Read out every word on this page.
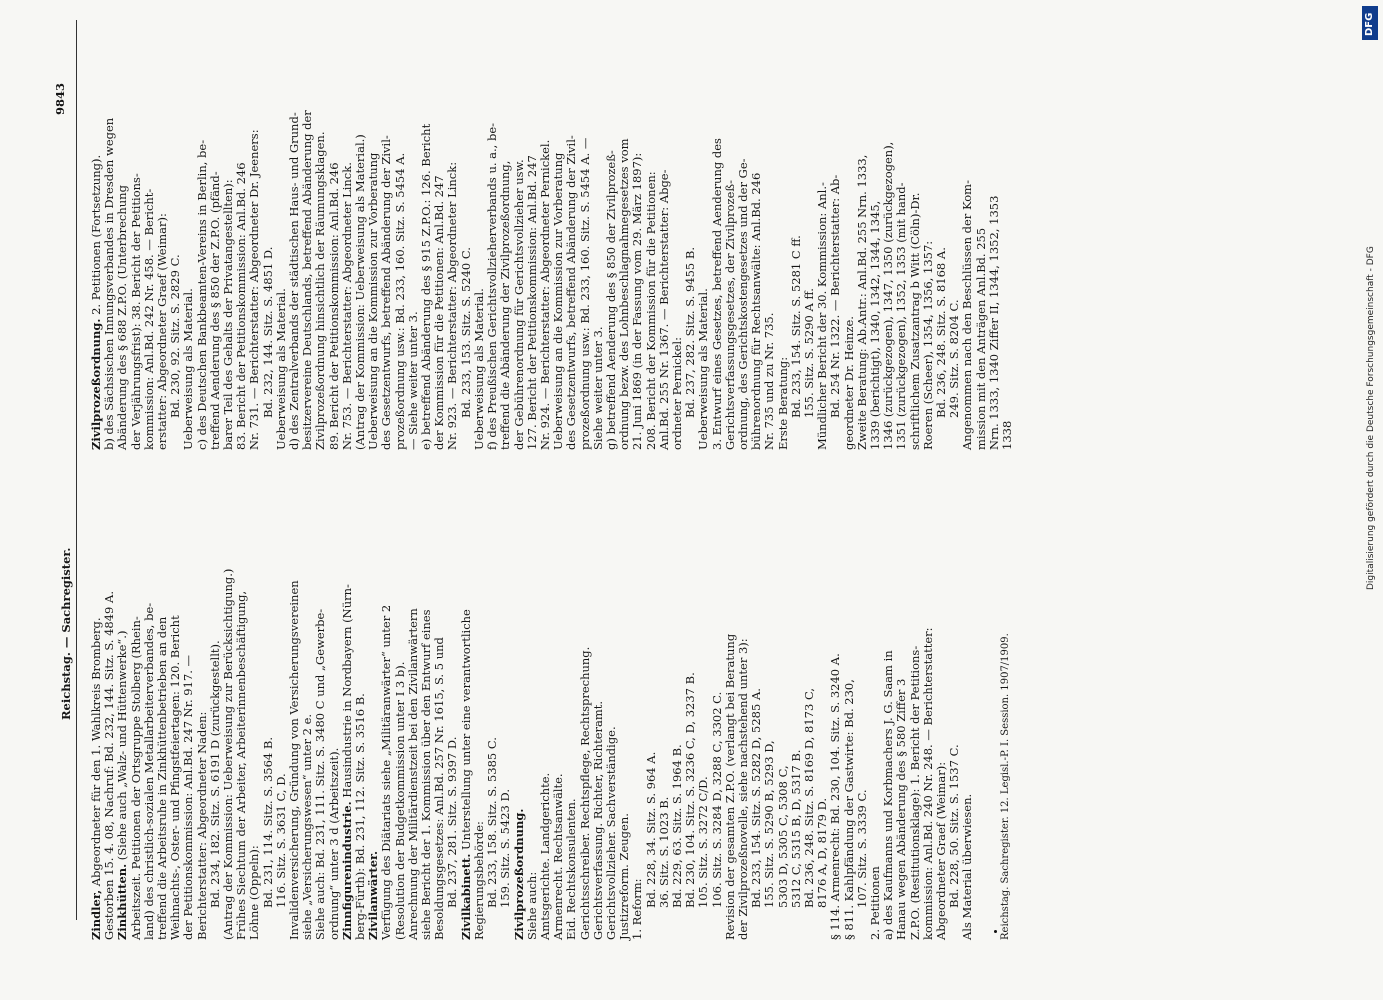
Reichstag. — Sachregister.
9843
Zindler, Abgeordneter für den 1. Wahlkreis Bromberg. Gestorben 15. 4. 08, Nachruf: Bd. 232, 144. Sitz. S. 4849 A. Zinkhütten. (Siehe auch „Walz- und Hüttenwerke“.) Arbeitszeit. Petitionen der Ortsgruppe Stolberg (Rhein- land) des christlich-sozialen Metallarbeiterverbandes, be- treffend die Arbeitsruhe in Zinkhüttenbetrieben an den Weihnachts-, Oster- und Pfingstfeiertagen: 120. Bericht der Petitionskommission: Anl.Bd. 247 Nr. 917. — Berichterstatter: Abgeordneter Naden: Bd. 234, 182. Sitz. S. 6191 D (zurückgestellt). (Antrag der Kommission: Ueberweisung zur Berücksichtigung.) Frühes Siechtum der Arbeiter, Arbeiterinnenbeschäftigung, Löhne (Oppeln): Bd. 231, 114. Sitz. S. 3564 B. 116. Sitz. S. 3631 C, D. Invalidenversicherung, Gründung von Versicherungsvereinen siehe „Versicherungswesen“ unter 2 e. Siehe auch: Bd. 231, 111. Sitz. S. 3480 C und „Gewerbe- ordnung“ unter 3 d (Arbeitszeit). Zinnfigurenindustrie. Hausindustrie in Nordbayern (Nürn-
berg-Fürth): Bd. 231, 112. Sitz. S. 3516 B. Zivilanwärter. Verfügung des Diätariats siehe „Militäranwärter“ unter 2 (Resolution der Budgetkommission unter I 3 b). Anrechnung der Militärdienstzeit bei den Zivilanwärtern siehe Bericht der 1. Kommission über den Entwurf eines Besoldungsgesetzes: Anl.Bd. 257 Nr. 1615, S. 5 und Bd. 237, 281. Sitz. S. 9397 D. Zivilkabinett. Unterstellung unter eine verantwortliche
Regierungsbehörde: Bd. 233, 158. Sitz. S. 5385 C. 159. Sitz. S. 5423 D. Zivilprozeßordnung. Siehe auch: Amtsgerichte. Landgerichte. Armenrecht. Rechtsanwälte. Eid. Rechtskonsulenten. Gerichtsschreiber. Rechtspflege, Rechtsprechung. Gerichtsverfassung. Richter, Richteramt. Gerichtsvollzieher. Sachverständige. Justizreform. Zeugen. 1. Reform:
Bd. 228, 34. Sitz. S. 964 A. 36. Sitz. S. 1023 B. Bd. 229, 63. Sitz. S. 1964 B. Bd. 230, 104. Sitz. S. 3236 C, D, 3237 B. 105. Sitz. S. 3272 C/D. 106. Sitz. S. 3284 D, 3288 C, 3302 C. Revision der gesamten Z.P.O. (verlangt bei Beratung der Zivilprozeßnovelle, siehe nachstehend unter 3): Bd. 233, 154. Sitz. S. 5282 D, 5285 A. 155. Sitz. S. 5290 B, 5293 D, 5303 D, 5305 C, 5308 C, 5312 C, 5315 B, D, 5317 B. Bd. 236, 248. Sitz. S. 8169 D, 8173 C, 8176 A, D, 8179 D. § 114. Armenrecht: Bd. 230, 104. Sitz. S. 3240 A. § 811. Kahlpfändung der Gastwirte: Bd. 230, 107. Sitz. S. 3339 C. 2. Petitionen a) des Kaufmanns und Korbmachers J. G. Saam in Hanau wegen Abänderung des § 580 Ziffer 3 Z.P.O. (Restitutionsklage): 1. Bericht der Petitions- kommission: Anl.Bd. 240 Nr. 248. — Berichterstatter: Abgeordneter Graef (Weimar): Bd. 228, 50. Sitz. S. 1537 C. Als Material überwiesen.	Reichstag. Sachregister. 12. Legisl.-P. I. Session. 1907/1909.
Zivilprozeßordnung. 2. Petitionen (Fortsetzung). b) des Sächsischen Innungsverbandes in Dresden wegen Abänderung des § 688 Z.P.O. (Unterbrechung der Verjährungsfrist): 38. Bericht der Petitions- kommission: Anl.Bd. 242 Nr. 458. — Bericht- erstatter: Abgeordneter Graef (Weimar): Bd. 230, 92. Sitz. S. 2829 C. Ueberweisung als Material. c) des Deutschen Bankbeamten-Vereins in Berlin, be- treffend Aenderung des § 850 der Z.P.O. (pfänd- barer Teil des Gehalts der Privatangestellten): 83. Bericht der Petitionskommission: Anl.Bd. 246 Nr. 731. — Berichterstatter: Abgeordneter Dr. Jeeners: Bd. 232, 144. Sitz. S. 4851 D. Ueberweisung als Material. d) des Zentralverbands der städtischen Haus- und Grund- besitzervereine Deutschlands, betreffend Abänderung der Zivilprozeßordnung hinsichtlich der Räumungsklagen. 89. Bericht der Petitionskommission: Anl.Bd. 246 Nr. 753. — Berichterstatter: Abgeordneter Linck. (Antrag der Kommission: Ueberweisung als Material.) Ueberweisung an die Kommission zur Vorberatung des Gesetzentwurfs, betreffend Abänderung der Zivil- prozeßordnung usw.: Bd. 233, 160. Sitz. S. 5454 A. — Siehe weiter unter 3. e) betreffend Abänderung des § 915 Z.P.O.: 126. Bericht der Kommission für die Petitionen: Anl.Bd. 247 Nr. 923. — Berichterstatter: Abgeordneter Linck: Bd. 233, 153. Sitz. S. 5240 C. Ueberweisung als Material. f) des Preußischen Gerichtsvollzieherverbands u. a., be- treffend die Abänderung der Zivilprozeßordnung, der Gebührenordnung für Gerichtsvollzieher usw. 127. Bericht der Petitionskommission: Anl.Bd. 247 Nr. 924. — Berichterstatter: Abgeordneter Pernickel. Ueberweisung an die Kommission zur Vorberatung des Gesetzentwurfs, betreffend Abänderung der Zivil- prozeßordnung usw.: Bd. 233, 160. Sitz. S. 5454 A. — Siehe weiter unter 3. g) betreffend Aenderung des § 850 der Zivilprozeß- ordnung bezw. des Lohnbeschlagnahmegesetzes vom 21. Juni 1869 (in der Fassung vom 29. März 1897): 208. Bericht der Kommission für die Petitionen: Anl.Bd. 255 Nr. 1367. — Berichterstatter: Abge- ordneter Pernickel: Bd. 237, 282. Sitz. S. 9455 B. Ueberweisung als Material. 3. Entwurf eines Gesetzes, betreffend Aenderung des Gerichtsverfassungsgesetzes, der Zivilprozeß- ordnung, des Gerichtskostengesetzes und der Ge- bührenordnung für Rechtsanwälte: Anl.Bd. 246 Nr. 735 und zu Nr. 735. Erste Beratung: Bd. 233, 154. Sitz. S. 5281 C ff. 155. Sitz. S. 5290 A ff. Mündlicher Bericht der 30. Kommission: Anl.- Bd. 254 Nr. 1322. — Berichterstatter: Ab- geordneter Dr. Heinze. Zweite Beratung: Ab.Antr.: Anl.Bd. 255 Nrn. 1333, 1339 (berichtigt), 1340, 1342, 1344, 1345, 1346 (zurückgezogen), 1347, 1350 (zurückgezogen), 1351 (zurückgezogen), 1352, 1353 (mit hand- schriftlichem Zusatzantrag b Witt (Cöln)-Dr. Roeren (Scheer), 1354, 1356, 1357: Bd. 236, 248. Sitz. S. 8168 A. 249. Sitz. S. 8204 C. Angenommen nach den Beschlüssen der Kom- mission mit den Anträgen Anl.Bd. 255 Nrn. 1333, 1340 Ziffer II, 1344, 1352, 1353 1338	Digitalisierung gefördert durch die Deutsche Forschungsgemeinschaft - DFG
DFG
